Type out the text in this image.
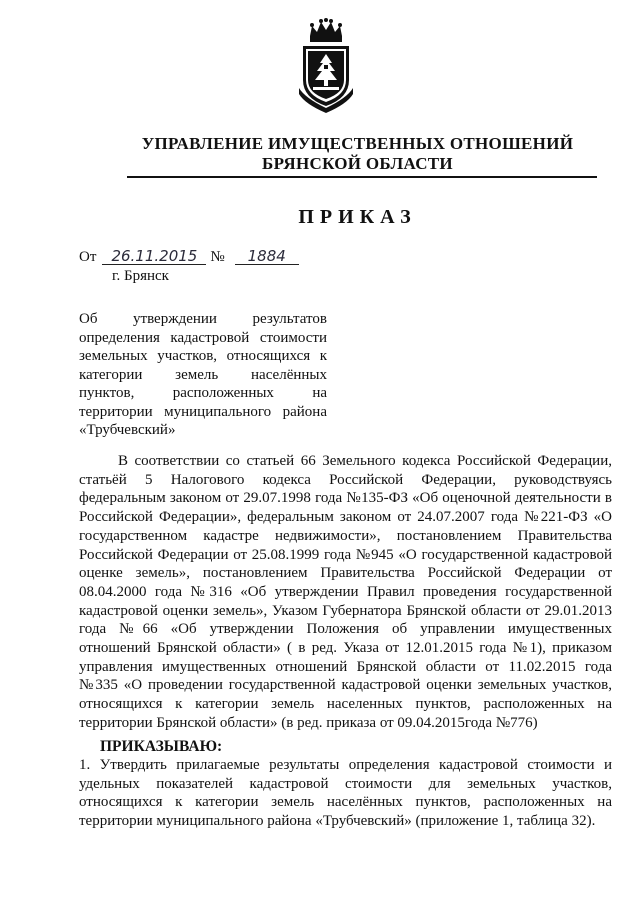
УПРАВЛЕНИЕ ИМУЩЕСТВЕННЫХ ОТНОШЕНИЙ
БРЯНСКОЙ ОБЛАСТИ
ПРИКАЗ
От 26.11.2015 № 1884
г. Брянск
Об утверждении результатов определения кадастровой стоимости земельных участков, относящихся к категории земель населённых пунктов, расположенных на территории муниципального района
«Трубчевский»

В соответствии со статьей 66 Земельного кодекса Российской Федерации, статьёй 5 Налогового кодекса Российской Федерации, руководствуясь федеральным законом от 29.07.1998 года №135-ФЗ «Об оценочной деятельности в Российской Федерации», федеральным законом от 24.07.2007 года №221-ФЗ «О государственном кадастре недвижимости», постановлением Правительства Российской Федерации от 25.08.1999 года №945 «О государственной кадастровой оценке земель», постановлением Правительства Российской Федерации от 08.04.2000 года №316 «Об утверждении Правил проведения государственной кадастровой оценки земель», Указом Губернатора Брянской области от 29.01.2013 года №66 «Об утверждении Положения об управлении имущественных отношений Брянской области» ( в ред. Указа от 12.01.2015 года №1), приказом управления имущественных отношений Брянской области от 11.02.2015 года №335 «О проведении государственной кадастровой оценки земельных участков, относящихся к категории земель населенных пунктов, расположенных на территории Брянской области» (в ред. приказа от 09.04.2015года №776)

ПРИКАЗЫВАЮ:

1. Утвердить прилагаемые результаты определения кадастровой стоимости и удельных показателей кадастровой стоимости для земельных участков, относящихся к категории земель населённых пунктов, расположенных на территории муниципального района «Трубчевский» (приложение 1, таблица 32).
